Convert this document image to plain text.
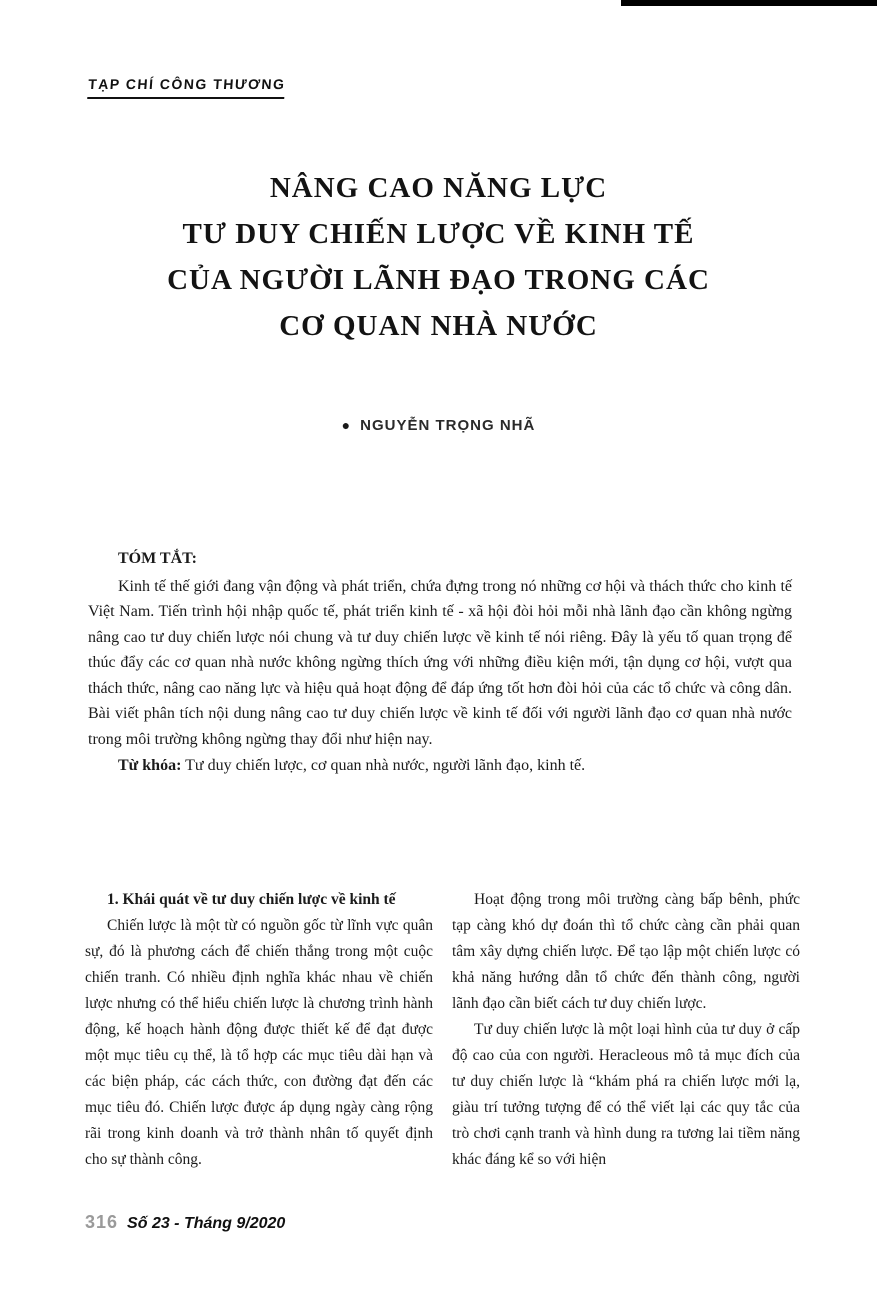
TẠP CHÍ CÔNG THƯƠNG
NÂNG CAO NĂNG LỰC
TƯ DUY CHIẾN LƯỢC VỀ KINH TẾ
CỦA NGƯỜI LÃNH ĐẠO TRONG CÁC
CƠ QUAN NHÀ NƯỚC
● NGUYỄN TRỌNG NHÃ
TÓM TẮT:

Kinh tế thế giới đang vận động và phát triển, chứa đựng trong nó những cơ hội và thách thức cho kinh tế Việt Nam. Tiến trình hội nhập quốc tế, phát triển kinh tế - xã hội đòi hỏi mỗi nhà lãnh đạo cần không ngừng nâng cao tư duy chiến lược nói chung và tư duy chiến lược về kinh tế nói riêng. Đây là yếu tố quan trọng để thúc đẩy các cơ quan nhà nước không ngừng thích ứng với những điều kiện mới, tận dụng cơ hội, vượt qua thách thức, nâng cao năng lực và hiệu quả hoạt động để đáp ứng tốt hơn đòi hỏi của các tổ chức và công dân. Bài viết phân tích nội dung nâng cao tư duy chiến lược về kinh tế đối với người lãnh đạo cơ quan nhà nước trong môi trường không ngừng thay đổi như hiện nay.

Từ khóa: Tư duy chiến lược, cơ quan nhà nước, người lãnh đạo, kinh tế.

1. Khái quát về tư duy chiến lược về kinh tế

Chiến lược là một từ có nguồn gốc từ lĩnh vực quân sự, đó là phương cách để chiến thắng trong một cuộc chiến tranh. Có nhiều định nghĩa khác nhau về chiến lược nhưng có thể hiểu chiến lược là chương trình hành động, kế hoạch hành động được thiết kế để đạt được một mục tiêu cụ thể, là tổ hợp các mục tiêu dài hạn và các biện pháp, các cách thức, con đường đạt đến các mục tiêu đó. Chiến lược được áp dụng ngày càng rộng rãi trong kinh doanh và trở thành nhân tố quyết định cho sự thành công.

Hoạt động trong môi trường càng bấp bênh, phức tạp càng khó dự đoán thì tổ chức càng cần phải quan tâm xây dựng chiến lược. Để tạo lập một chiến lược có khả năng hướng dẫn tổ chức đến thành công, người lãnh đạo cần biết cách tư duy chiến lược.

Tư duy chiến lược là một loại hình của tư duy ở cấp độ cao của con người. Heracleous mô tả mục đích của tư duy chiến lược là “khám phá ra chiến lược mới lạ, giàu trí tưởng tượng để có thể viết lại các quy tắc của trò chơi cạnh tranh và hình dung ra tương lai tiềm năng khác đáng kể so với hiện

316 Số 23 - Tháng 9/2020
